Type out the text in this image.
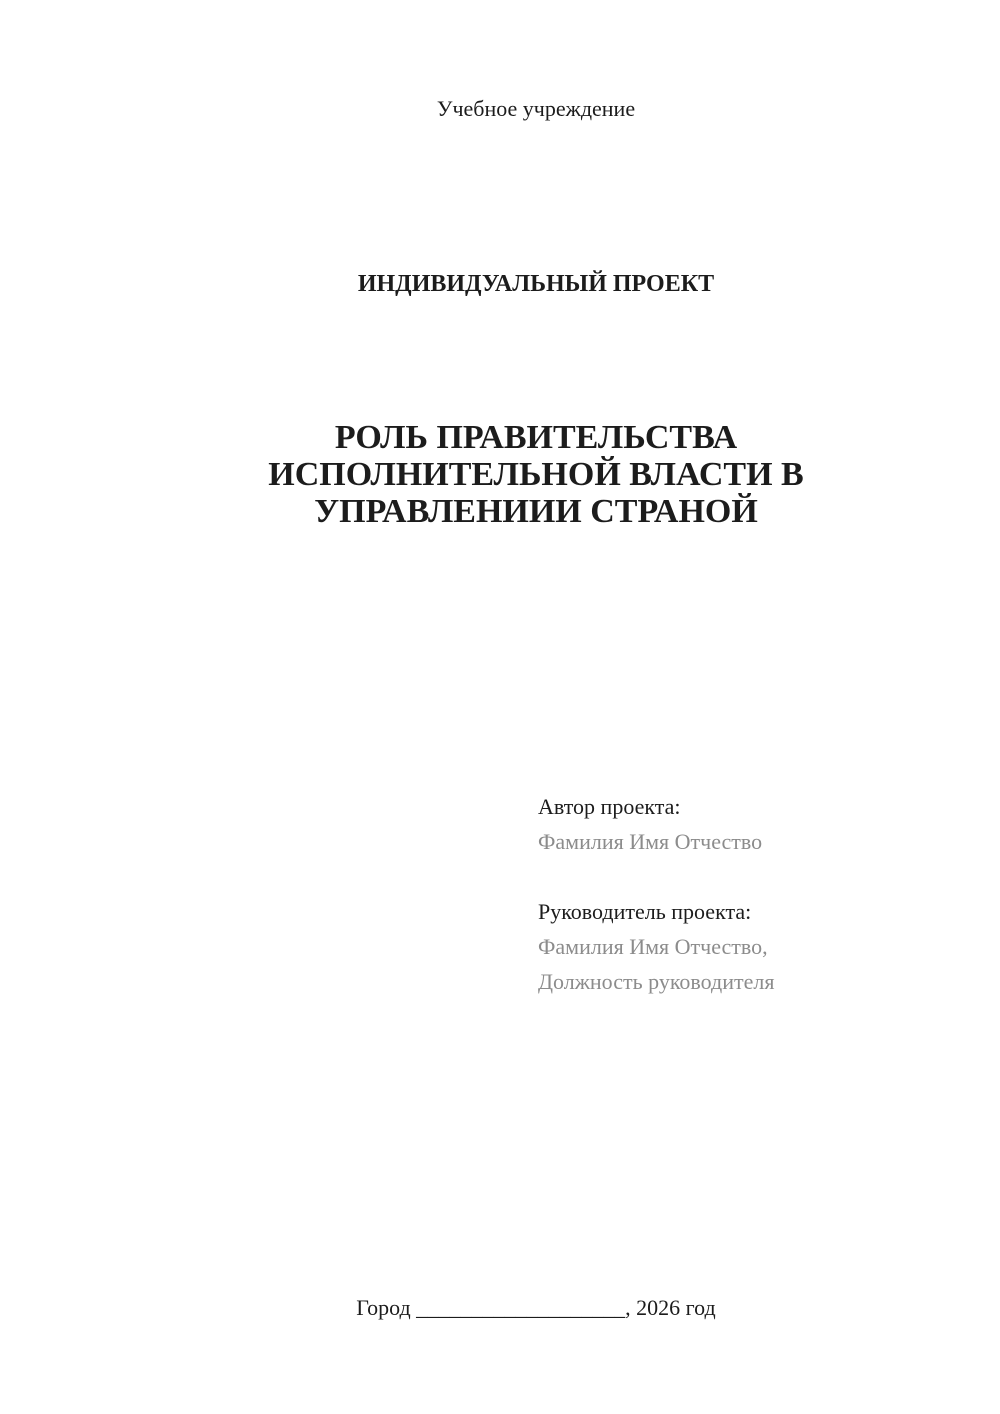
Учебное учреждение
ИНДИВИДУАЛЬНЫЙ ПРОЕКТ
РОЛЬ ПРАВИТЕЛЬСТВА
ИСПОЛНИТЕЛЬНОЙ ВЛАСТИ В
УПРАВЛЕНИИИ СТРАНОЙ
Автор проекта:
Фамилия Имя Отчество
Руководитель проекта:
Фамилия Имя Отчество,
Должность руководителя
Город ___________________, 2026 год
